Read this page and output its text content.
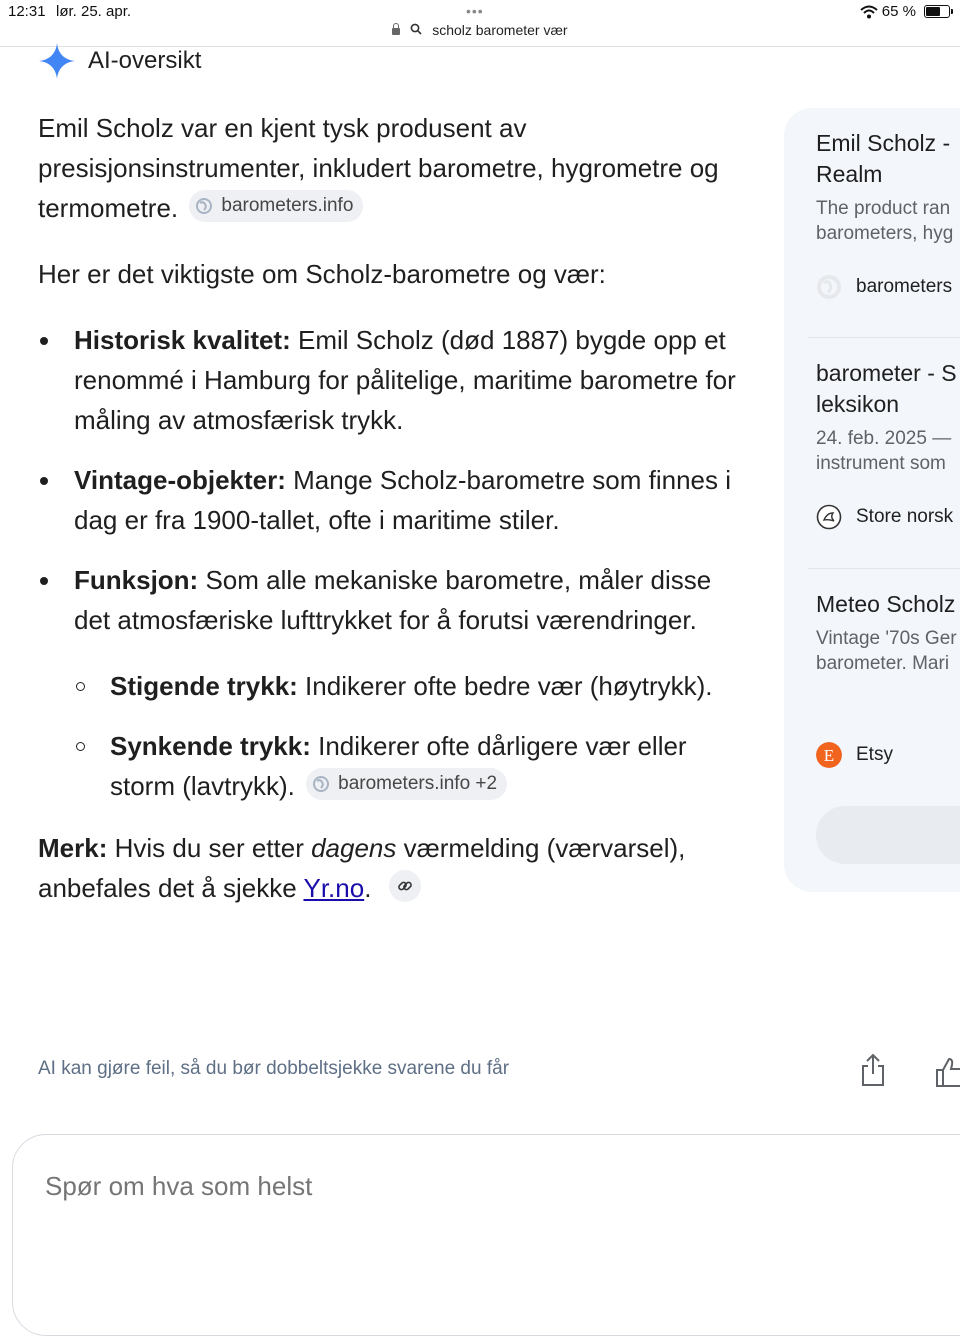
12:31 lør. 25. apr.	•••	65 %
scholz barometer vær
AI-oversikt

Emil Scholz var en kjent tysk produsent av presisjonsinstrumenter, inkludert barometre, hygrometre og termometre. barometers.info

Her er det viktigste om Scholz-barometre og vær:

Historisk kvalitet: Emil Scholz (død 1887) bygde opp et renommé i Hamburg for pålitelige, maritime barometre for måling av atmosfærisk trykk.
Vintage-objekter: Mange Scholz-barometre som finnes i dag er fra 1900-tallet, ofte i maritime stiler.
Funksjon: Som alle mekaniske barometre, måler disse det atmosfæriske lufttrykket for å forutsi værendringer.
Stigende trykk: Indikerer ofte bedre vær (høytrykk).
Synkende trykk: Indikerer ofte dårligere vær eller storm (lavtrykk). barometers.info +2

Merk: Hvis du ser etter dagens værmelding (værvarsel), anbefales det å sjekke Yr.no.

Emil Scholz -
Realm
The product ran
barometers, hyg
barometers
barometer - S
leksikon
24. feb. 2025 —
instrument som
Store norsk
Meteo Scholz
Vintage '70s Ger
barometer. Mari
E Etsy
AI kan gjøre feil, så du bør dobbeltsjekke svarene du får
Spør om hva som helst
